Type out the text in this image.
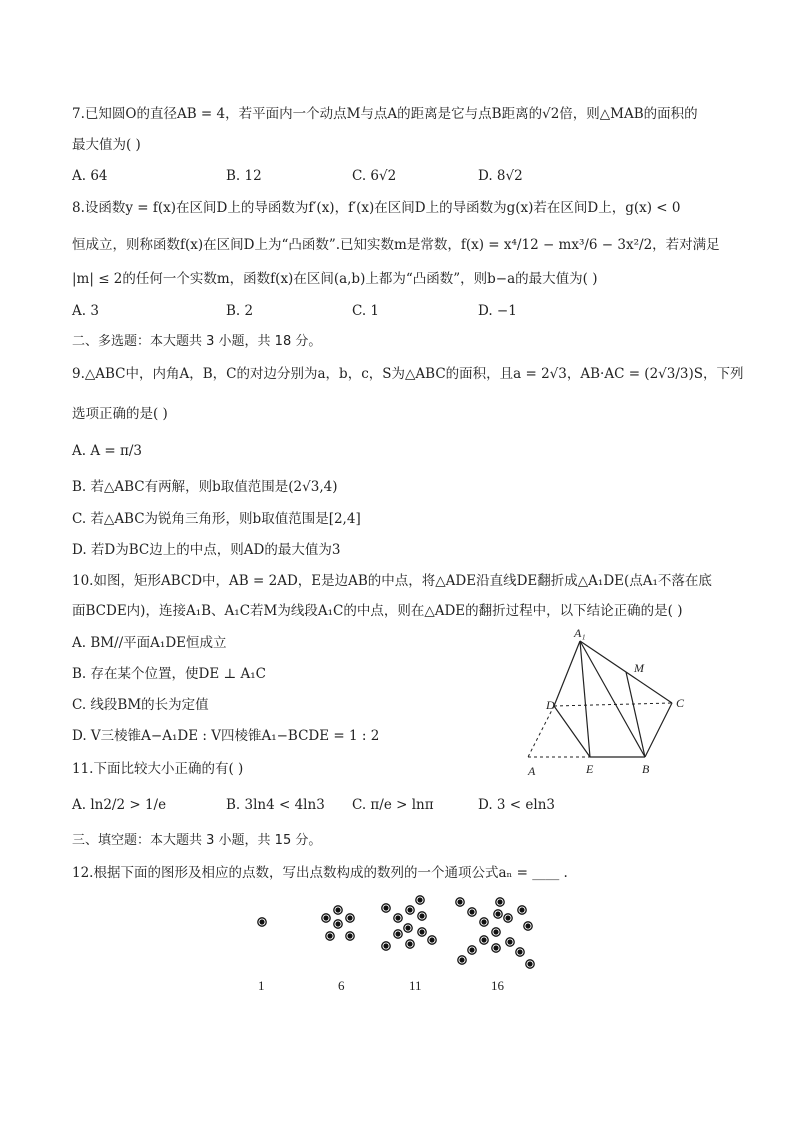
7.已知圆O的直径AB = 4，若平面内一个动点M与点A的距离是它与点B距离的√2倍，则△MAB的面积的
最大值为( )
A. 64	B. 12	C. 6√2	D. 8√2
8.设函数y = f(x)在区间D上的导函数为f′(x)，f′(x)在区间D上的导函数为g(x)若在区间D上，g(x) < 0
恒成立，则称函数f(x)在区间D上为“凸函数”.已知实数m是常数，f(x) = x⁴/12 − mx³/6 − 3x²/2，若对满足
|m| ≤ 2的任何一个实数m，函数f(x)在区间(a,b)上都为“凸函数”，则b−a的最大值为( )
A. 3	B. 2	C. 1	D. −1
二、多选题：本大题共 3 小题，共 18 分。
9.△ABC中，内角A，B，C的对边分别为a，b，c，S为△ABC的面积，且a = 2√3，AB·AC = (2√3/3)S，下列
选项正确的是( )
A. A = π/3
B. 若△ABC有两解，则b取值范围是(2√3,4)
C. 若△ABC为锐角三角形，则b取值范围是[2,4]
D. 若D为BC边上的中点，则AD的最大值为3
10.如图，矩形ABCD中，AB = 2AD，E是边AB的中点，将△ADE沿直线DE翻折成△A₁DE(点A₁不落在底
面BCDE内)，连接A₁B、A₁C若M为线段A₁C的中点，则在△ADE的翻折过程中，以下结论正确的是( )
A. BM//平面A₁DE恒成立
B. 存在某个位置，使DE ⊥ A₁C
C. 线段BM的长为定值
D. V三棱锥A−A₁DE : V四棱锥A₁−BCDE = 1 : 2
A₁
M
D	C
A	E	B
11.下面比较大小正确的有( )
A. ln2/2 > 1/e	B. 3ln4 < 4ln3 C. π/e > lnπ	D. 3 < eln3
三、填空题：本大题共 3 小题，共 15 分。
12.根据下面的图形及相应的点数，写出点数构成的数列的一个通项公式aₙ = ____ .
1	6	11	16
